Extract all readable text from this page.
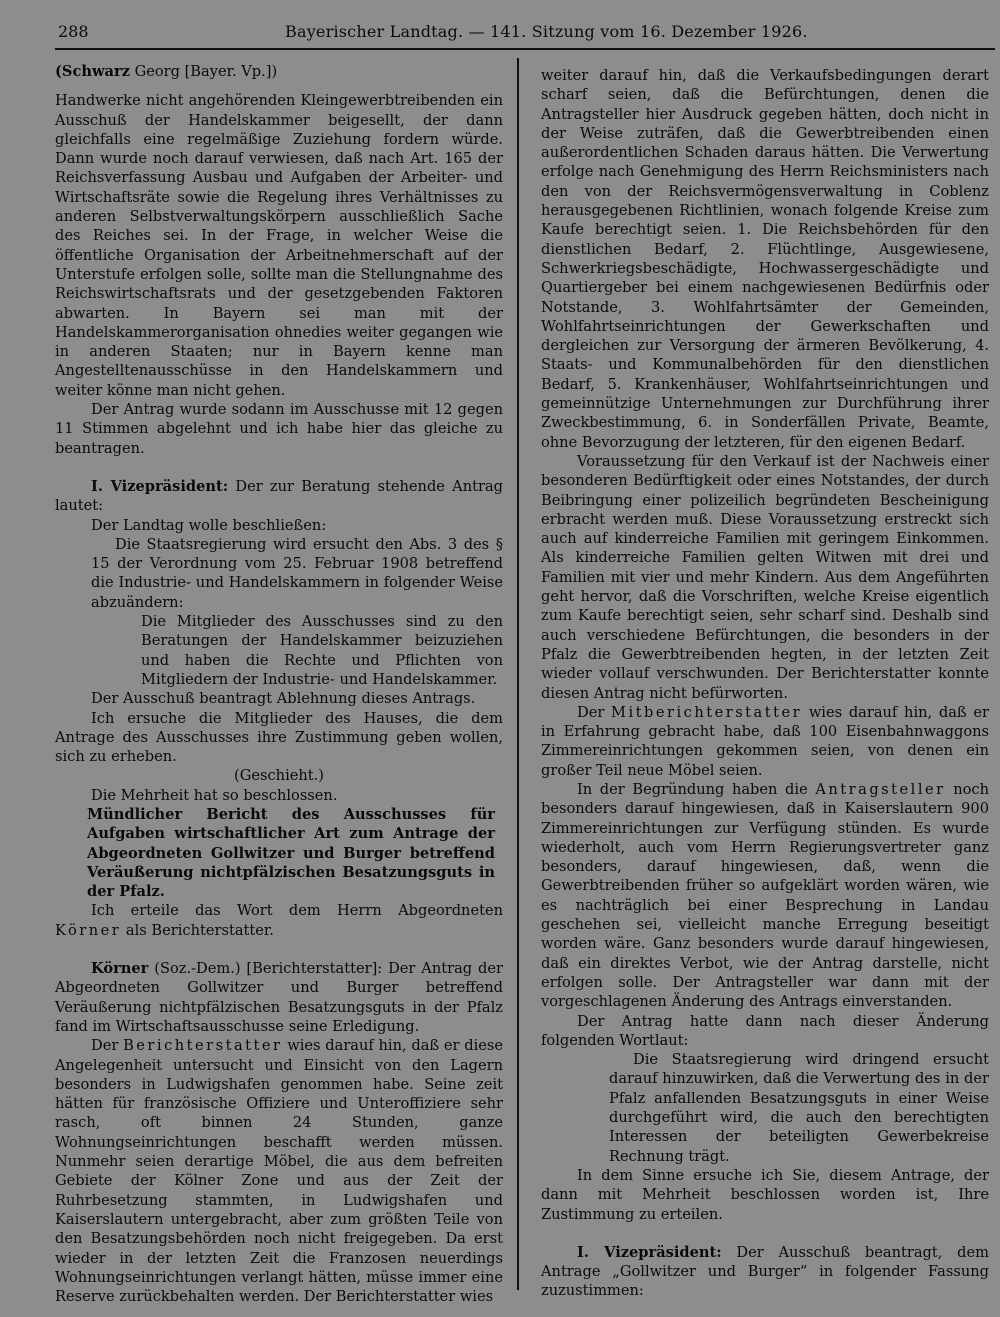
288	Bayerischer Landtag. — 141. Sitzung vom 16. Dezember 1926.

(Schwarz Georg [Bayer. Vp.])

Handwerke nicht angehörenden Kleingewerbtreibenden ein Ausschuß der Handelskammer beigesellt, der dann gleichfalls eine regelmäßige Zuziehung fordern würde. Dann wurde noch darauf verwiesen, daß nach Art. 165 der Reichsverfassung Ausbau und Aufgaben der Arbeiter- und Wirtschaftsräte sowie die Regelung ihres Verhältnisses zu anderen Selbstverwaltungskörpern ausschließlich Sache des Reiches sei. In der Frage, in welcher Weise die öffentliche Organisation der Arbeitnehmerschaft auf der Unterstufe erfolgen solle, sollte man die Stellungnahme des Reichswirtschaftsrats und der gesetzgebenden Faktoren abwarten. In Bayern sei man mit der Handelskammerorganisation ohnedies weiter gegangen wie in anderen Staaten; nur in Bayern kenne man Angestelltenausschüsse in den Handelskammern und weiter könne man nicht gehen.

Der Antrag wurde sodann im Ausschusse mit 12 gegen 11 Stimmen abgelehnt und ich habe hier das gleiche zu beantragen.

I. Vizepräsident: Der zur Beratung stehende Antrag lautet:

Der Landtag wolle beschließen:

Die Staatsregierung wird ersucht den Abs. 3 des § 15 der Verordnung vom 25. Februar 1908 betreffend die Industrie- und Handelskammern in folgender Weise abzuändern:

Die Mitglieder des Ausschusses sind zu den Beratungen der Handelskammer beizuziehen und haben die Rechte und Pflichten von Mitgliedern der Industrie- und Handelskammer.

Der Ausschuß beantragt Ablehnung dieses Antrags.

Ich ersuche die Mitglieder des Hauses, die dem Antrage des Ausschusses ihre Zustimmung geben wollen, sich zu erheben.

(Geschieht.)

Die Mehrheit hat so beschlossen.

Mündlicher Bericht des Ausschusses für Aufgaben wirtschaftlicher Art zum Antrage der Abgeordneten Gollwitzer und Burger betreffend Veräußerung nichtpfälzischen Besatzungsguts in der Pfalz.

Ich erteile das Wort dem Herrn Abgeordneten Körner als Berichterstatter.

Körner (Soz.-Dem.) [Berichterstatter]: Der Antrag der Abgeordneten Gollwitzer und Burger betreffend Veräußerung nichtpfälzischen Besatzungsguts in der Pfalz fand im Wirtschaftsausschusse seine Erledigung.

Der Berichterstatter wies darauf hin, daß er diese Angelegenheit untersucht und Einsicht von den Lagern besonders in Ludwigshafen genommen habe. Seine zeit hätten für französische Offiziere und Unteroffiziere sehr rasch, oft binnen 24 Stunden, ganze Wohnungseinrichtungen beschafft werden müssen. Nunmehr seien derartige Möbel, die aus dem befreiten Gebiete der Kölner Zone und aus der Zeit der Ruhrbesetzung stammten, in Ludwigshafen und Kaiserslautern untergebracht, aber zum größten Teile von den Besatzungsbehörden noch nicht freigegeben. Da erst wieder in der letzten Zeit die Franzosen neuerdings Wohnungseinrichtungen verlangt hätten, müsse immer eine Reserve zurückbehalten werden. Der Berichterstatter wies

weiter darauf hin, daß die Verkaufsbedingungen derart scharf seien, daß die Befürchtungen, denen die Antragsteller hier Ausdruck gegeben hätten, doch nicht in der Weise zuträfen, daß die Gewerbtreibenden einen außerordentlichen Schaden daraus hätten. Die Verwertung erfolge nach Genehmigung des Herrn Reichsministers nach den von der Reichsvermögensverwaltung in Coblenz herausgegebenen Richtlinien, wonach folgende Kreise zum Kaufe berechtigt seien. 1. Die Reichsbehörden für den dienstlichen Bedarf, 2. Flüchtlinge, Ausgewiesene, Schwerkriegsbeschädigte, Hochwassergeschädigte und Quartiergeber bei einem nachgewiesenen Bedürfnis oder Notstande, 3. Wohlfahrtsämter der Gemeinden, Wohlfahrtseinrichtungen der Gewerkschaften und dergleichen zur Versorgung der ärmeren Bevölkerung, 4. Staats- und Kommunalbehörden für den dienstlichen Bedarf, 5. Krankenhäuser, Wohlfahrtseinrichtungen und gemeinnützige Unternehmungen zur Durchführung ihrer Zweckbestimmung, 6. in Sonderfällen Private, Beamte, ohne Bevorzugung der letzteren, für den eigenen Bedarf.

Voraussetzung für den Verkauf ist der Nachweis einer besonderen Bedürftigkeit oder eines Notstandes, der durch Beibringung einer polizeilich begründeten Bescheinigung erbracht werden muß. Diese Voraussetzung erstreckt sich auch auf kinderreiche Familien mit geringem Einkommen. Als kinderreiche Familien gelten Witwen mit drei und Familien mit vier und mehr Kindern. Aus dem Angeführten geht hervor, daß die Vorschriften, welche Kreise eigentlich zum Kaufe berechtigt seien, sehr scharf sind. Deshalb sind auch verschiedene Befürchtungen, die besonders in der Pfalz die Gewerbtreibenden hegten, in der letzten Zeit wieder vollauf verschwunden. Der Berichterstatter konnte diesen Antrag nicht befürworten.

Der Mitberichterstatter wies darauf hin, daß er in Erfahrung gebracht habe, daß 100 Eisenbahnwaggons Zimmereinrichtungen gekommen seien, von denen ein großer Teil neue Möbel seien.

In der Begründung haben die Antragsteller noch besonders darauf hingewiesen, daß in Kaiserslautern 900 Zimmereinrichtungen zur Verfügung stünden. Es wurde wiederholt, auch vom Herrn Regierungsvertreter ganz besonders, darauf hingewiesen, daß, wenn die Gewerbtreibenden früher so aufgeklärt worden wären, wie es nachträglich bei einer Besprechung in Landau geschehen sei, vielleicht manche Erregung beseitigt worden wäre. Ganz besonders wurde darauf hingewiesen, daß ein direktes Verbot, wie der Antrag darstelle, nicht erfolgen solle. Der Antragsteller war dann mit der vorgeschlagenen Änderung des Antrags einverstanden.

Der Antrag hatte dann nach dieser Änderung folgenden Wortlaut:

Die Staatsregierung wird dringend ersucht darauf hinzuwirken, daß die Verwertung des in der Pfalz anfallenden Besatzungsguts in einer Weise durchgeführt wird, die auch den berechtigten Interessen der beteiligten Gewerbekreise Rechnung trägt.

In dem Sinne ersuche ich Sie, diesem Antrage, der dann mit Mehrheit beschlossen worden ist, Ihre Zustimmung zu erteilen.

I. Vizepräsident: Der Ausschuß beantragt, dem Antrage „Gollwitzer und Burger“ in folgender Fassung zuzustimmen:
